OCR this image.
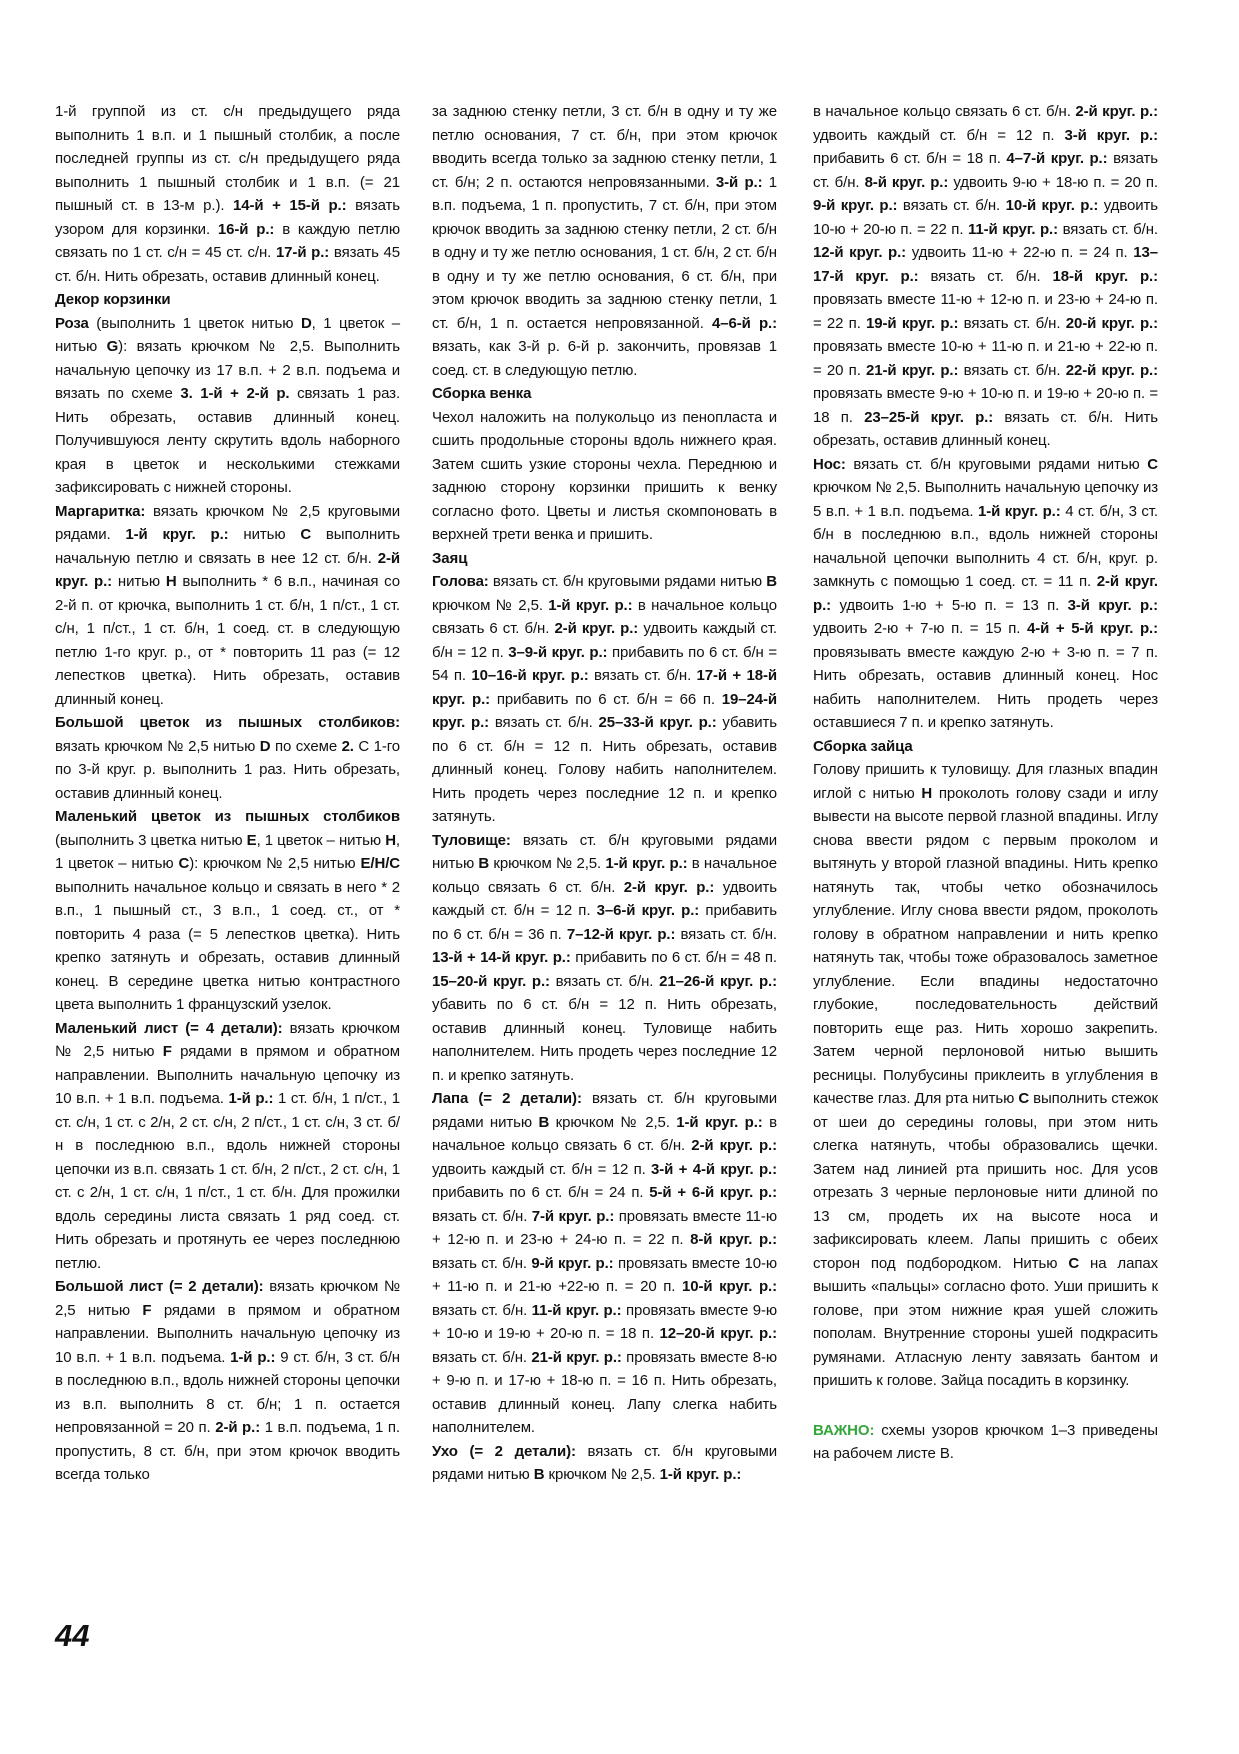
1-й группой из ст. с/н предыдущего ряда выполнить 1 в.п. и 1 пышный столбик, а после последней группы из ст. с/н предыдущего ряда выполнить 1 пышный столбик и 1 в.п. (= 21 пышный ст. в 13-м р.). 14-й + 15-й р.: вязать узором для корзинки. 16-й р.: в каждую петлю связать по 1 ст. с/н = 45 ст. с/н. 17-й р.: вязать 45 ст. б/н. Нить обрезать, оставив длинный конец.

Декор корзинки

Роза (выполнить 1 цветок нитью D, 1 цветок – нитью G): вязать крючком № 2,5. Выполнить начальную цепочку из 17 в.п. + 2 в.п. подъема и вязать по схеме 3. 1-й + 2-й р. связать 1 раз. Нить обрезать, оставив длинный конец. Получившуюся ленту скрутить вдоль наборного края в цветок и несколькими стежками зафиксировать с нижней стороны.

Маргаритка: вязать крючком № 2,5 круговыми рядами. 1-й круг. р.: нитью C выполнить начальную петлю и связать в нее 12 ст. б/н. 2-й круг. р.: нитью H выполнить * 6 в.п., начиная со 2-й п. от крючка, выполнить 1 ст. б/н, 1 п/ст., 1 ст. с/н, 1 п/ст., 1 ст. б/н, 1 соед. ст. в следующую петлю 1-го круг. р., от * повторить 11 раз (= 12 лепестков цветка). Нить обрезать, оставив длинный конец.

Большой цветок из пышных столбиков: вязать крючком № 2,5 нитью D по схеме 2. С 1-го по 3-й круг. р. выполнить 1 раз. Нить обрезать, оставив длинный конец.

Маленький цветок из пышных столбиков (выполнить 3 цветка нитью E, 1 цветок – нитью H, 1 цветок – нитью C): крючком № 2,5 нитью E/H/C выполнить начальное кольцо и связать в него * 2 в.п., 1 пышный ст., 3 в.п., 1 соед. ст., от * повторить 4 раза (= 5 лепестков цветка). Нить крепко затянуть и обрезать, оставив длинный конец. В середине цветка нитью контрастного цвета выполнить 1 французский узелок.

Маленький лист (= 4 детали): вязать крючком № 2,5 нитью F рядами в прямом и обратном направлении. Выполнить начальную цепочку из 10 в.п. + 1 в.п. подъема. 1-й р.: 1 ст. б/н, 1 п/ст., 1 ст. с/н, 1 ст. с 2/н, 2 ст. с/н, 2 п/ст., 1 ст. с/н, 3 ст. б/н в последнюю в.п., вдоль нижней стороны цепочки из в.п. связать 1 ст. б/н, 2 п/ст., 2 ст. с/н, 1 ст. с 2/н, 1 ст. с/н, 1 п/ст., 1 ст. б/н. Для прожилки вдоль середины листа связать 1 ряд соед. ст. Нить обрезать и протянуть ее через последнюю петлю.

Большой лист (= 2 детали): вязать крючком № 2,5 нитью F рядами в прямом и обратном направлении. Выполнить начальную цепочку из 10 в.п. + 1 в.п. подъема. 1-й р.: 9 ст. б/н, 3 ст. б/н в последнюю в.п., вдоль нижней стороны цепочки из в.п. выполнить 8 ст. б/н; 1 п. остается непровязанной = 20 п. 2-й р.: 1 в.п. подъема, 1 п. пропустить, 8 ст. б/н, при этом крючок вводить всегда только

за заднюю стенку петли, 3 ст. б/н в одну и ту же петлю основания, 7 ст. б/н, при этом крючок вводить всегда только за заднюю стенку петли, 1 ст. б/н; 2 п. остаются непровязанными. 3-й р.: 1 в.п. подъема, 1 п. пропустить, 7 ст. б/н, при этом крючок вводить за заднюю стенку петли, 2 ст. б/н в одну и ту же петлю основания, 1 ст. б/н, 2 ст. б/н в одну и ту же петлю основания, 6 ст. б/н, при этом крючок вводить за заднюю стенку петли, 1 ст. б/н, 1 п. остается непровязанной. 4–6-й р.: вязать, как 3-й р. 6-й р. закончить, провязав 1 соед. ст. в следующую петлю.

Сборка венка

Чехол наложить на полукольцо из пенопласта и сшить продольные стороны вдоль нижнего края. Затем сшить узкие стороны чехла. Переднюю и заднюю сторону корзинки пришить к венку согласно фото. Цветы и листья скомпоновать в верхней трети венка и пришить.

Заяц

Голова: вязать ст. б/н круговыми рядами нитью B крючком № 2,5. 1-й круг. р.: в начальное кольцо связать 6 ст. б/н. 2-й круг. р.: удвоить каждый ст. б/н = 12 п. 3–9-й круг. р.: прибавить по 6 ст. б/н = 54 п. 10–16-й круг. р.: вязать ст. б/н. 17-й + 18-й круг. р.: прибавить по 6 ст. б/н = 66 п. 19–24-й круг. р.: вязать ст. б/н. 25–33-й круг. р.: убавить по 6 ст. б/н = 12 п. Нить обрезать, оставив длинный конец. Голову набить наполнителем. Нить продеть через последние 12 п. и крепко затянуть.

Туловище: вязать ст. б/н круговыми рядами нитью B крючком № 2,5. 1-й круг. р.: в начальное кольцо связать 6 ст. б/н. 2-й круг. р.: удвоить каждый ст. б/н = 12 п. 3–6-й круг. р.: прибавить по 6 ст. б/н = 36 п. 7–12-й круг. р.: вязать ст. б/н. 13-й + 14-й круг. р.: прибавить по 6 ст. б/н = 48 п. 15–20-й круг. р.: вязать ст. б/н. 21–26-й круг. р.: убавить по 6 ст. б/н = 12 п. Нить обрезать, оставив длинный конец. Туловище набить наполнителем. Нить продеть через последние 12 п. и крепко затянуть.

Лапа (= 2 детали): вязать ст. б/н круговыми рядами нитью B крючком № 2,5. 1-й круг. р.: в начальное кольцо связать 6 ст. б/н. 2-й круг. р.: удвоить каждый ст. б/н = 12 п. 3-й + 4-й круг. р.: прибавить по 6 ст. б/н = 24 п. 5-й + 6-й круг. р.: вязать ст. б/н. 7-й круг. р.: провязать вместе 11-ю + 12-ю п. и 23-ю + 24-ю п. = 22 п. 8-й круг. р.: вязать ст. б/н. 9-й круг. р.: провязать вместе 10-ю + 11-ю п. и 21-ю +22-ю п. = 20 п. 10-й круг. р.: вязать ст. б/н. 11-й круг. р.: провязать вместе 9-ю + 10-ю и 19-ю + 20-ю п. = 18 п. 12–20-й круг. р.: вязать ст. б/н. 21-й круг. р.: провязать вместе 8-ю + 9-ю п. и 17-ю + 18-ю п. = 16 п. Нить обрезать, оставив длинный конец. Лапу слегка набить наполнителем.

Ухо (= 2 детали): вязать ст. б/н круговыми рядами нитью B крючком № 2,5. 1-й круг. р.:

в начальное кольцо связать 6 ст. б/н. 2-й круг. р.: удвоить каждый ст. б/н = 12 п. 3-й круг. р.: прибавить 6 ст. б/н = 18 п. 4–7-й круг. р.: вязать ст. б/н. 8-й круг. р.: удвоить 9-ю + 18-ю п. = 20 п. 9-й круг. р.: вязать ст. б/н. 10-й круг. р.: удвоить 10-ю + 20-ю п. = 22 п. 11-й круг. р.: вязать ст. б/н. 12-й круг. р.: удвоить 11-ю + 22-ю п. = 24 п. 13–17-й круг. р.: вязать ст. б/н. 18-й круг. р.: провязать вместе 11-ю + 12-ю п. и 23-ю + 24-ю п. = 22 п. 19-й круг. р.: вязать ст. б/н. 20-й круг. р.: провязать вместе 10-ю + 11-ю п. и 21-ю + 22-ю п. = 20 п. 21-й круг. р.: вязать ст. б/н. 22-й круг. р.: провязать вместе 9-ю + 10-ю п. и 19-ю + 20-ю п. = 18 п. 23–25-й круг. р.: вязать ст. б/н. Нить обрезать, оставив длинный конец.

Нос: вязать ст. б/н круговыми рядами нитью C крючком № 2,5. Выполнить начальную цепочку из 5 в.п. + 1 в.п. подъема. 1-й круг. р.: 4 ст. б/н, 3 ст. б/н в последнюю в.п., вдоль нижней стороны начальной цепочки выполнить 4 ст. б/н, круг. р. замкнуть с помощью 1 соед. ст. = 11 п. 2-й круг. р.: удвоить 1-ю + 5-ю п. = 13 п. 3-й круг. р.: удвоить 2-ю + 7-ю п. = 15 п. 4-й + 5-й круг. р.: провязывать вместе каждую 2-ю + 3-ю п. = 7 п. Нить обрезать, оставив длинный конец. Нос набить наполнителем. Нить продеть через оставшиеся 7 п. и крепко затянуть.

Сборка зайца

Голову пришить к туловищу. Для глазных впадин иглой с нитью H проколоть голову сзади и иглу вывести на высоте первой глазной впадины. Иглу снова ввести рядом с первым проколом и вытянуть у второй глазной впадины. Нить крепко натянуть так, чтобы четко обозначилось углубление. Иглу снова ввести рядом, проколоть голову в обратном направлении и нить крепко натянуть так, чтобы тоже образовалось заметное углубление. Если впадины недостаточно глубокие, последовательность действий повторить еще раз. Нить хорошо закрепить. Затем черной перлоновой нитью вышить ресницы. Полубусины приклеить в углубления в качестве глаз. Для рта нитью C выполнить стежок от шеи до середины головы, при этом нить слегка натянуть, чтобы образовались щечки. Затем над линией рта пришить нос. Для усов отрезать 3 черные перлоновые нити длиной по 13 см, продеть их на высоте носа и зафиксировать клеем. Лапы пришить с обеих сторон под подбородком. Нитью C на лапах вышить «пальцы» согласно фото. Уши пришить к голове, при этом нижние края ушей сложить пополам. Внутренние стороны ушей подкрасить румянами. Атласную ленту завязать бантом и пришить к голове. Зайца посадить в корзинку.

ВАЖНО: схемы узоров крючком 1–3 приведены на рабочем листе B.

44
